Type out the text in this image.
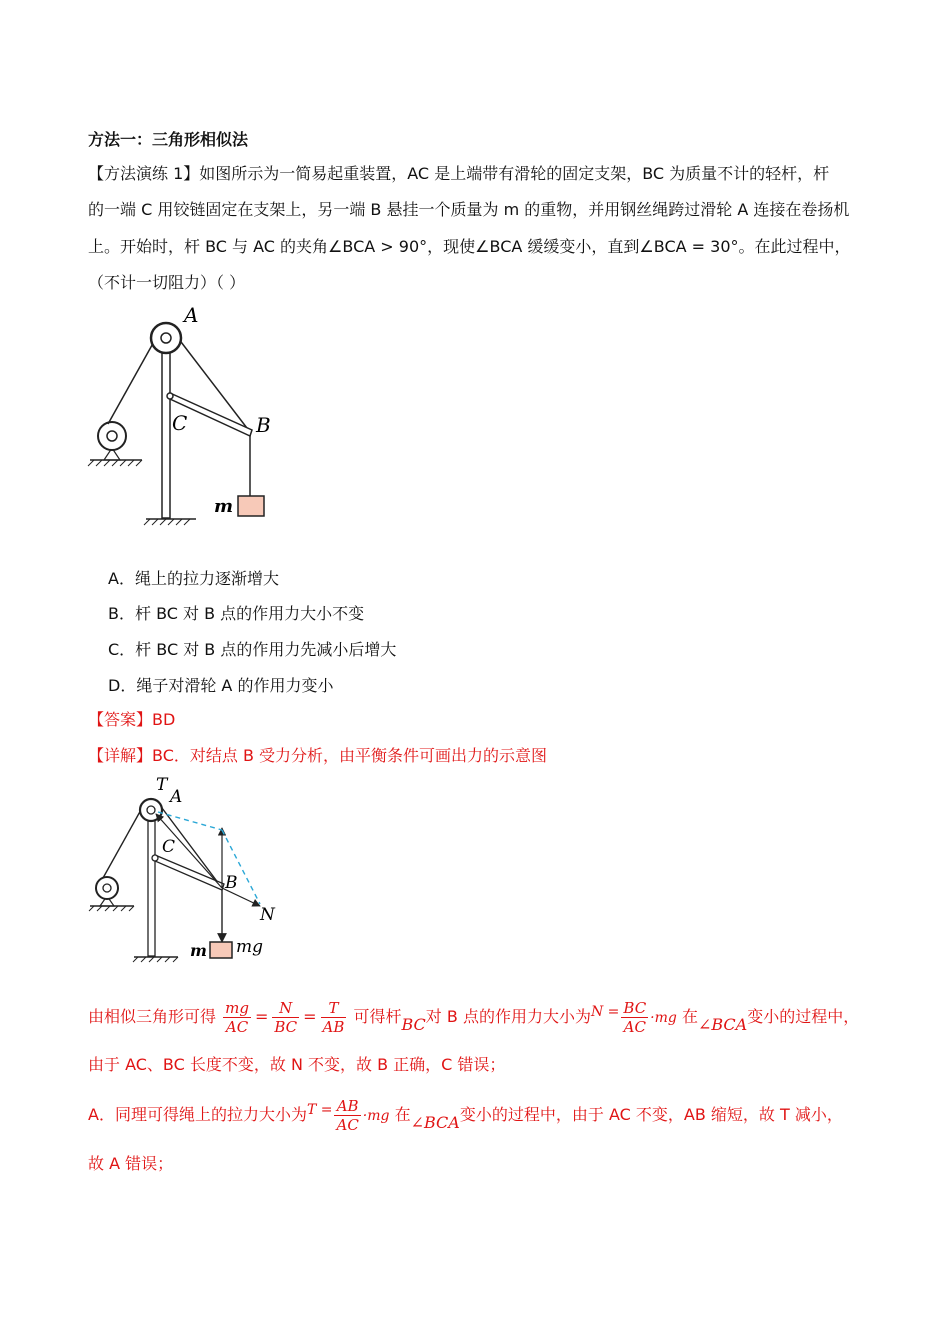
方法一：三角形相似法
【方法演练 1】如图所示为一简易起重装置，AC 是上端带有滑轮的固定支架，BC 为质量不计的轻杆，杆
的一端 C 用铰链固定在支架上，另一端 B 悬挂一个质量为 m 的重物，并用钢丝绳跨过滑轮 A 连接在卷扬机
上。开始时，杆 BC 与 AC 的夹角∠BCA > 90°，现使∠BCA 缓缓变小，直到∠BCA = 30°。在此过程中，
（不计一切阻力）（ ）
A
C	B
m
A．绳上的拉力逐渐增大
B．杆 BC 对 B 点的作用力大小不变
C．杆 BC 对 B 点的作用力先减小后增大
D．绳子对滑轮 A 的作用力变小
【答案】BD
【详解】BC．对结点 B 受力分析，由平衡条件可画出力的示意图
T
A
C
B
N
m mg
由相似三角形可得 $\frac{mg}{AC} = \frac{N}{BC} = \frac{T}{AB}$ 可得杆BC对 B 点的作用力大小为$N = \frac{BC}{AC} \cdot mg$ 在∠BCA变小的过程中，
由于 AC、BC 长度不变，故 N 不变，故 B 正确，C 错误；
A．同理可得绳上的拉力大小为$T = \frac{AB}{AC} \cdot mg$ 在∠BCA变小的过程中，由于 AC 不变，AB 缩短，故 T 减小，
故 A 错误；
